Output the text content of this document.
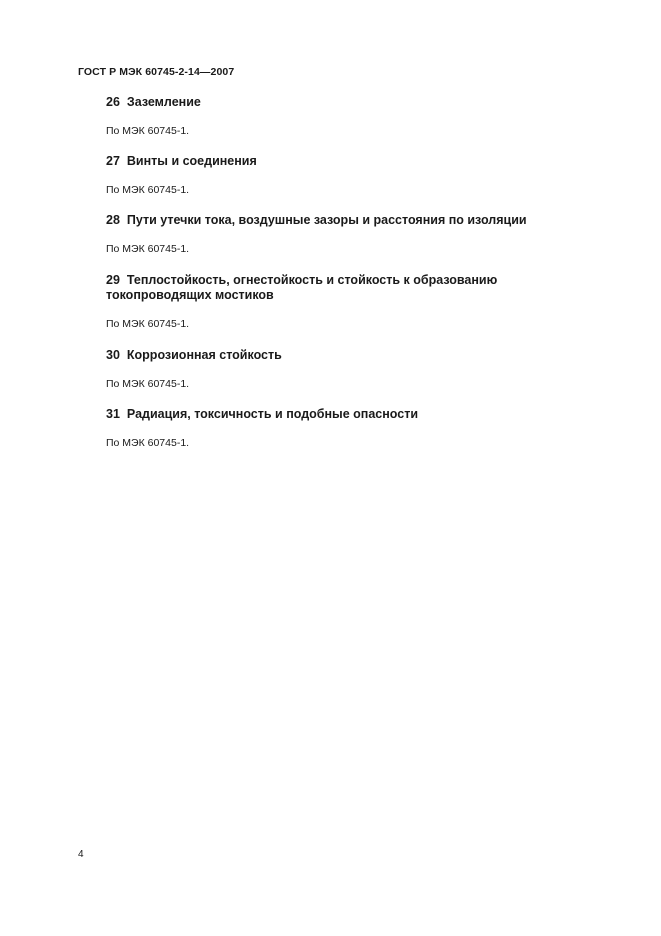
ГОСТ Р МЭК 60745-2-14—2007
26 Заземление
По МЭК 60745-1.
27 Винты и соединения
По МЭК 60745-1.
28 Пути утечки тока, воздушные зазоры и расстояния по изоляции
По МЭК 60745-1.
29 Теплостойкость, огнестойкость и стойкость к образованию токопроводящих мостиков
По МЭК 60745-1.
30 Коррозионная стойкость
По МЭК 60745-1.
31 Радиация, токсичность и подобные опасности
По МЭК 60745-1.
4
